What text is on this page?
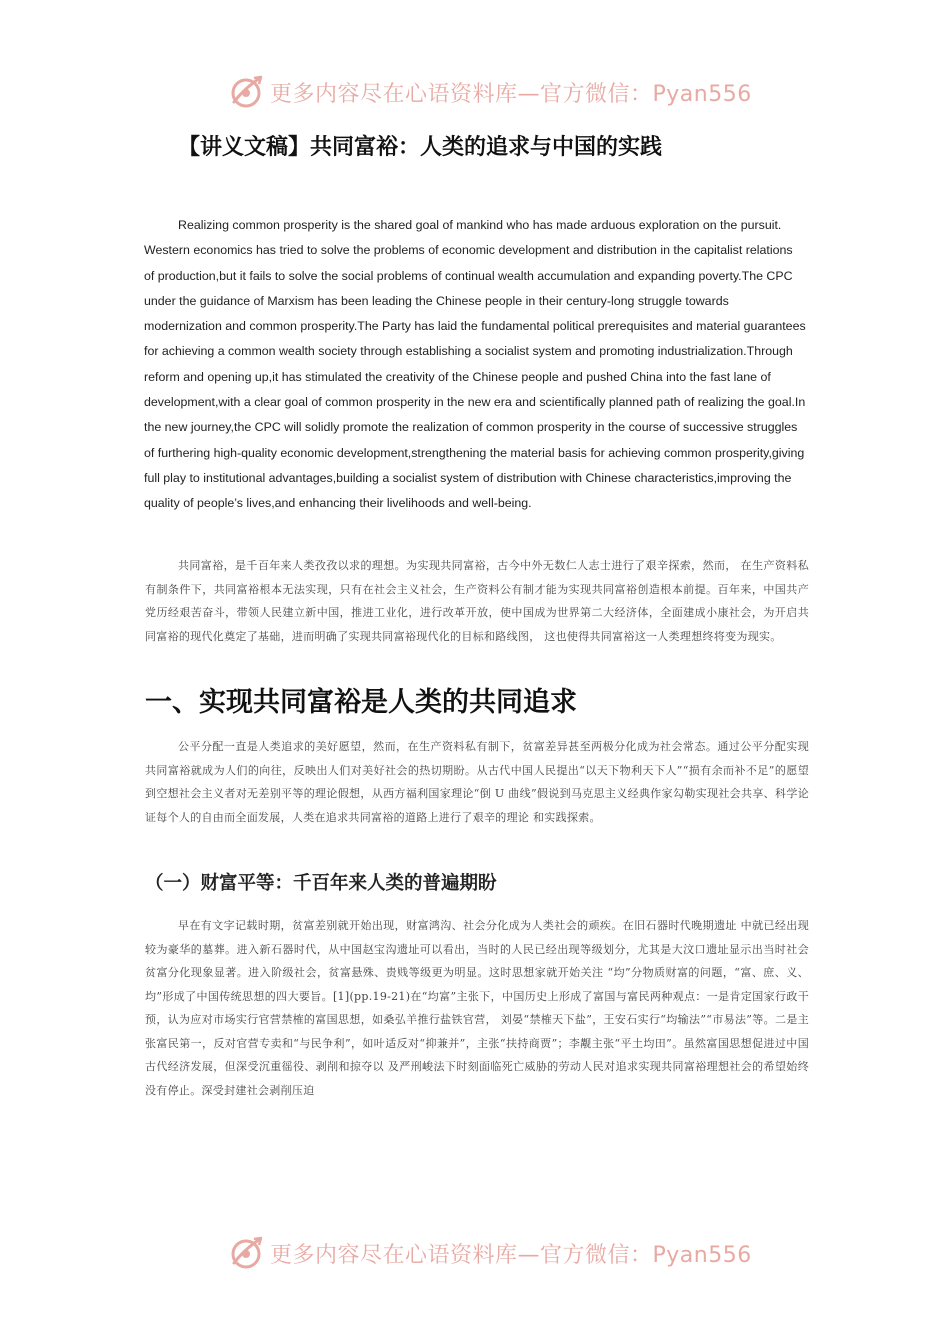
更多内容尽在心语资料库—官方微信：Pyan556
【讲义文稿】共同富裕：人类的追求与中国的实践

Realizing common prosperity is the shared goal of mankind who has made arduous exploration on the pursuit. Western economics has tried to solve the problems of economic development and distribution in the capitalist relations of production,but it fails to solve the social problems of continual wealth accumulation and expanding poverty.The CPC under the guidance of Marxism has been leading the Chinese people in their century-long struggle towards modernization and common prosperity.The Party has laid the fundamental political prerequisites and material guarantees for achieving a common wealth society through establishing a socialist system and promoting industrialization.Through reform and opening up,it has stimulated the creativity of the Chinese people and pushed China into the fast lane of development,with a clear goal of common prosperity in the new era and scientifically planned path of realizing the goal.In the new journey,the CPC will solidly promote the realization of common prosperity in the course of successive struggles of furthering high-quality economic development,strengthening the material basis for achieving common prosperity,giving full play to institutional advantages,building a socialist system of distribution with Chinese characteristics,improving the quality of people’s lives,and enhancing their livelihoods and well-being.

共同富裕，是千百年来人类孜孜以求的理想。为实现共同富裕，古今中外无数仁人志士进行了艰辛探索，然而， 在生产资料私有制条件下，共同富裕根本无法实现，只有在社会主义社会，生产资料公有制才能为实现共同富裕创造根本前提。百年来，中国共产党历经艰苦奋斗，带领人民建立新中国，推进工业化，进行改革开放，使中国成为世界第二大经济体，全面建成小康社会，为开启共同富裕的现代化奠定了基础，进而明确了实现共同富裕现代化的目标和路线图， 这也使得共同富裕这一人类理想终将变为现实。

一、实现共同富裕是人类的共同追求

公平分配一直是人类追求的美好愿望，然而，在生产资料私有制下，贫富差异甚至两极分化成为社会常态。通过公平分配实现共同富裕就成为人们的向往，反映出人们对美好社会的热切期盼。从古代中国人民提出“以天下物利天下人”“损有余而补不足”的愿望到空想社会主义者对无差别平等的理论假想，从西方福利国家理论“倒 U 曲线”假说到马克思主义经典作家勾勒实现社会共享、科学论证每个人的自由而全面发展，人类在追求共同富裕的道路上进行了艰辛的理论 和实践探索。

（一）财富平等：千百年来人类的普遍期盼

早在有文字记载时期，贫富差别就开始出现，财富鸿沟、社会分化成为人类社会的顽疾。在旧石器时代晚期遗址 中就已经出现较为豪华的墓葬。进入新石器时代，从中国赵宝沟遗址可以看出，当时的人民已经出现等级划分，尤其是大汶口遗址显示出当时社会贫富分化现象显著。进入阶级社会，贫富悬殊、贵贱等级更为明显。这时思想家就开始关注 “均”分物质财富的问题，“富、庶、义、均”形成了中国传统思想的四大要旨。[1](pp.19-21)在“均富”主张下，中国历史上形成了富国与富民两种观点：一是肯定国家行政干预，认为应对市场实行官营禁榷的富国思想，如桑弘羊推行盐铁官营， 刘晏“禁榷天下盐”，王安石实行“均输法”“市易法”等。二是主张富民第一，反对官营专卖和“与民争利”，如叶适反对“抑兼并”，主张“扶持商贾”；李觏主张“平土均田”。虽然富国思想促进过中国古代经济发展，但深受沉重徭役、剥削和掠夺以 及严刑峻法下时刻面临死亡威胁的劳动人民对追求实现共同富裕理想社会的希望始终没有停止。深受封建社会剥削压迫

更多内容尽在心语资料库—官方微信：Pyan556
